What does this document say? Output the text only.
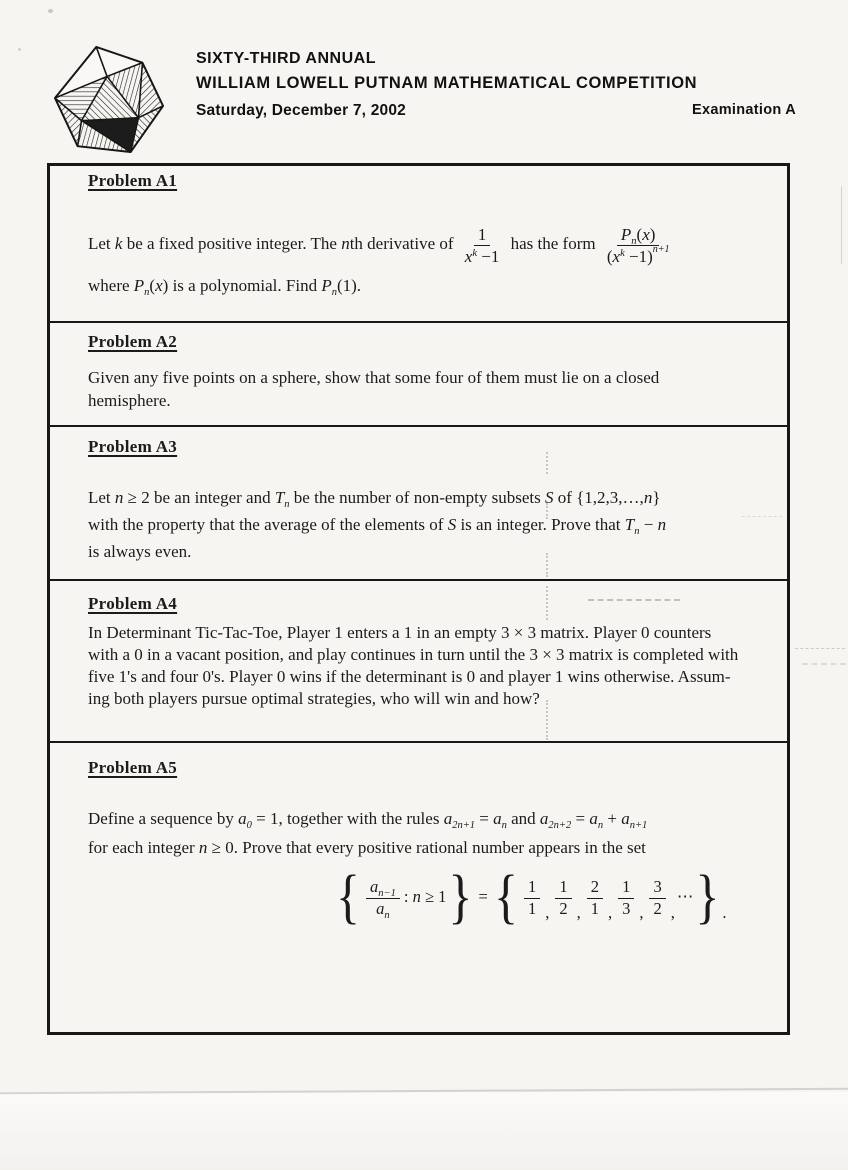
SIXTY-THIRD ANNUAL
WILLIAM LOWELL PUTNAM MATHEMATICAL COMPETITION
Saturday, December 7, 2002	Examination A
Problem A1
Let k be a fixed positive integer. The nth derivative of $\frac{1}{x^k -1}$ has the form $\frac{P_n(x)}{(x^k -1)^{n+1}}$
where $P_n(x)$ is a polynomial. Find $P_n(1)$.
Problem A2
Given any five points on a sphere, show that some four of them must lie on a closed
hemisphere.
Problem A3
Let n ≥ 2 be an integer and $T_n$ be the number of non-empty subsets S of {1,2,3,…,n}
with the property that the average of the elements of S is an integer. Prove that $T_n - n$
is always even.
Problem A4
In Determinant Tic-Tac-Toe, Player 1 enters a 1 in an empty 3 × 3 matrix. Player 0 counters
with a 0 in a vacant position, and play continues in turn until the 3 × 3 matrix is completed with
five 1's and four 0's. Player 0 wins if the determinant is 0 and player 1 wins otherwise. Assum-
ing both players pursue optimal strategies, who will win and how?
Problem A5
Define a sequence by $a_0 = 1$, together with the rules $a_{2n+1} = a_n$ and $a_{2n+2} = a_n + a_{n+1}$
for each integer n ≥ 0. Prove that every positive rational number appears in the set
{ $\frac{a_{n-1}}{a_n}$ : n ≥ 1} = { $\frac{1}{1}$ , $\frac{1}{2}$ , $\frac{2}{1}$ , $\frac{1}{3}$ , $\frac{3}{2}$ ,⋯} .
